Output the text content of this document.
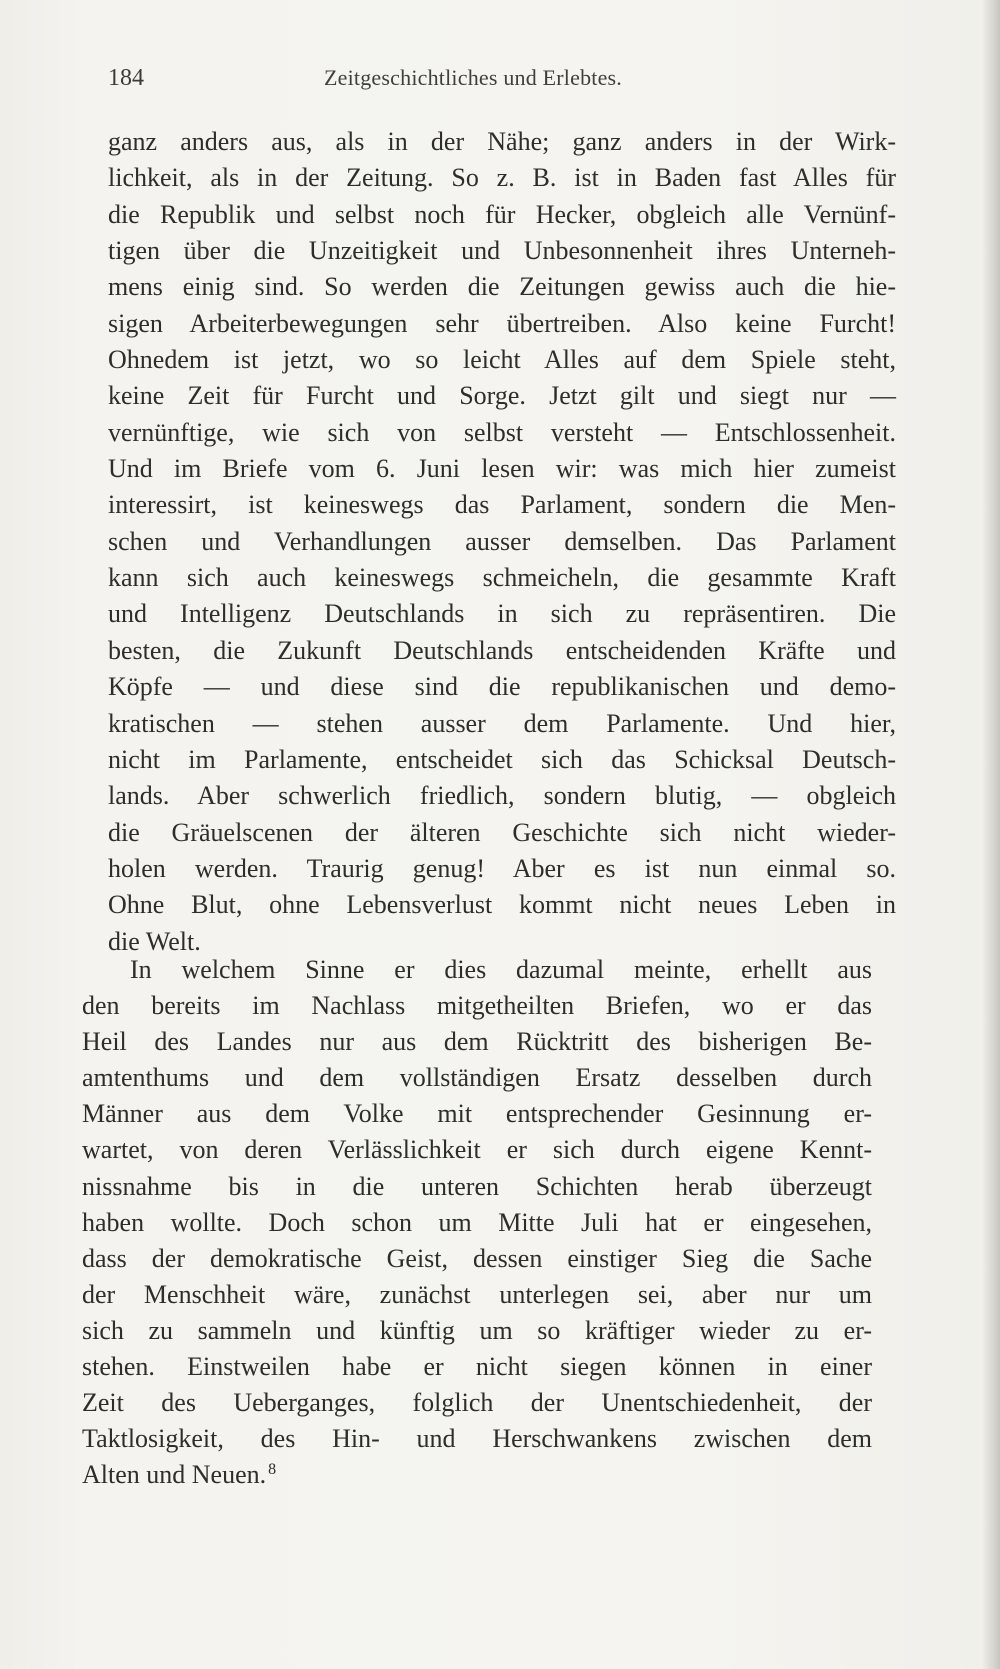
184	Zeitgeschichtliches und Erlebtes.
ganz anders aus, als in der Nähe; ganz anders in der Wirk-
lichkeit, als in der Zeitung. So z. B. ist in Baden fast Alles für
die Republik und selbst noch für Hecker, obgleich alle Vernünf-
tigen über die Unzeitigkeit und Unbesonnenheit ihres Unterneh-
mens einig sind. So werden die Zeitungen gewiss auch die hie-
sigen Arbeiterbewegungen sehr übertreiben. Also keine Furcht!
Ohnedem ist jetzt, wo so leicht Alles auf dem Spiele steht,
keine Zeit für Furcht und Sorge. Jetzt gilt und siegt nur —
vernünftige, wie sich von selbst versteht — Entschlossenheit.
Und im Briefe vom 6. Juni lesen wir: was mich hier zumeist
interessirt, ist keineswegs das Parlament, sondern die Men-
schen und Verhandlungen ausser demselben. Das Parlament
kann sich auch keineswegs schmeicheln, die gesammte Kraft
und Intelligenz Deutschlands in sich zu repräsentiren. Die
besten, die Zukunft Deutschlands entscheidenden Kräfte und
Köpfe — und diese sind die republikanischen und demo-
kratischen — stehen ausser dem Parlamente. Und hier,
nicht im Parlamente, entscheidet sich das Schicksal Deutsch-
lands. Aber schwerlich friedlich, sondern blutig, — obgleich
die Gräuelscenen der älteren Geschichte sich nicht wieder-
holen werden. Traurig genug! Aber es ist nun einmal so.
Ohne Blut, ohne Lebensverlust kommt nicht neues Leben in
die Welt.
In welchem Sinne er dies dazumal meinte, erhellt aus
den bereits im Nachlass mitgetheilten Briefen, wo er das
Heil des Landes nur aus dem Rücktritt des bisherigen Be-
amtenthums und dem vollständigen Ersatz desselben durch
Männer aus dem Volke mit entsprechender Gesinnung er-
wartet, von deren Verlässlichkeit er sich durch eigene Kennt-
nissnahme bis in die unteren Schichten herab überzeugt
haben wollte. Doch schon um Mitte Juli hat er eingesehen,
dass der demokratische Geist, dessen einstiger Sieg die Sache
der Menschheit wäre, zunächst unterlegen sei, aber nur um
sich zu sammeln und künftig um so kräftiger wieder zu er-
stehen. Einstweilen habe er nicht siegen können in einer
Zeit des Ueberganges, folglich der Unentschiedenheit, der
Taktlosigkeit, des Hin- und Herschwankens zwischen dem
Alten und Neuen. $^8$
